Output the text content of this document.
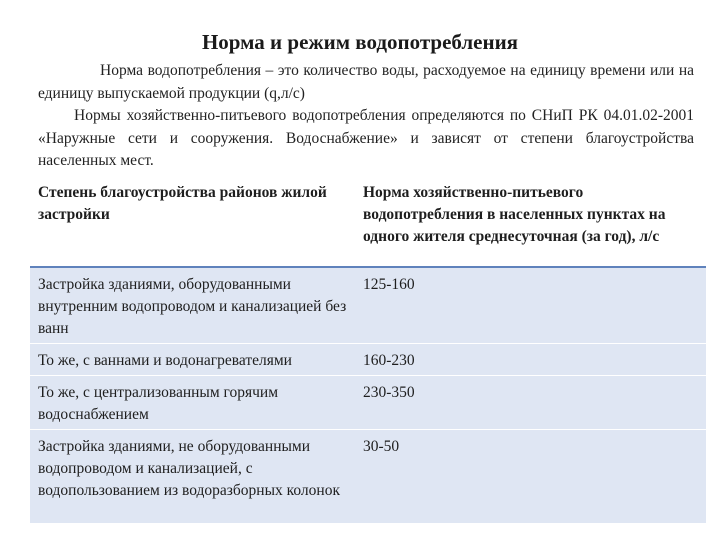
Норма и режим водопотребления

Норма водопотребления – это количество воды, расходуемое на единицу времени или на единицу выпускаемой продукции (q,л/с)

Нормы хозяйственно-питьевого водопотребления определяются по СНиП РК 04.01.02-2001 «Наружные сети и сооружения. Водоснабжение» и зависят от степени благоустройства населенных мест.

Степень благоустройства районов жилой застройки	Норма хозяйственно-питьевого водопотребления в населенных пунктах на одного жителя среднесуточная (за год), л/с
Застройка зданиями, оборудованными внутренним водопроводом и канализацией без ванн	125-160
То же, с ваннами и водонагревателями	160-230
То же, с централизованным горячим водоснабжением	230-350
Застройка зданиями, не оборудованными водопроводом и канализацией, с водопользованием из водоразборных колонок	30-50
